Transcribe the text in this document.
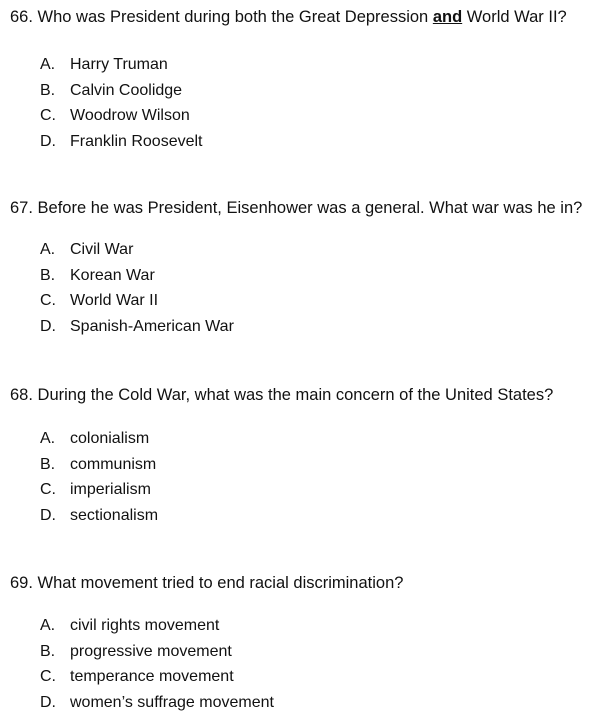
66. Who was President during both the Great Depression and World War II?

A. Harry Truman
B. Calvin Coolidge
C. Woodrow Wilson
D. Franklin Roosevelt

67. Before he was President, Eisenhower was a general. What war was he in?

A. Civil War
B. Korean War
C. World War II
D. Spanish-American War

68. During the Cold War, what was the main concern of the United States?

A. colonialism
B. communism
C. imperialism
D. sectionalism

69. What movement tried to end racial discrimination?

A. civil rights movement
B. progressive movement
C. temperance movement
D. women’s suffrage movement
